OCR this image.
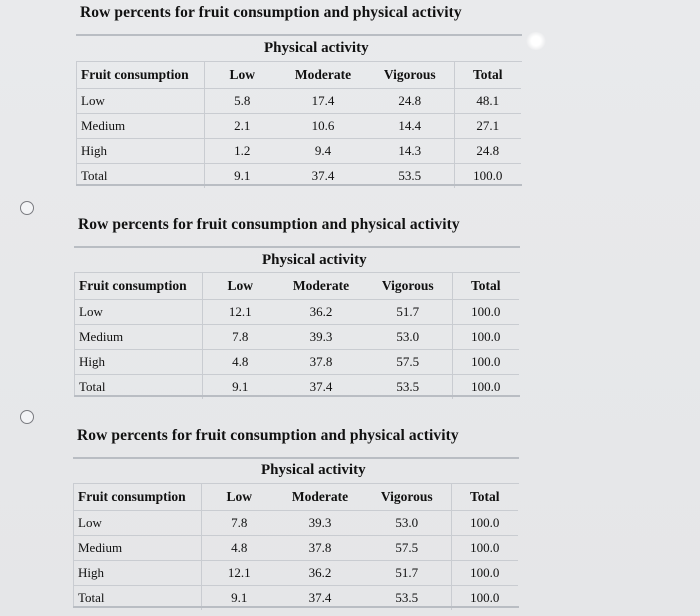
Row percents for fruit consumption and physical activity
Physical activity
Fruit consumption	Low	Moderate	Vigorous	Total
Low	5.8	17.4	24.8	48.1
Medium	2.1	10.6	14.4	27.1
High	1.2	9.4	14.3	24.8
Total	9.1	37.4	53.5	100.0
Row percents for fruit consumption and physical activity
Physical activity
Fruit consumption	Low	Moderate	Vigorous	Total
Low	12.1	36.2	51.7	100.0
Medium	7.8	39.3	53.0	100.0
High	4.8	37.8	57.5	100.0
Total	9.1	37.4	53.5	100.0
Row percents for fruit consumption and physical activity
Physical activity
Fruit consumption	Low	Moderate	Vigorous	Total
Low	7.8	39.3	53.0	100.0
Medium	4.8	37.8	57.5	100.0
High	12.1	36.2	51.7	100.0
Total	9.1	37.4	53.5	100.0
